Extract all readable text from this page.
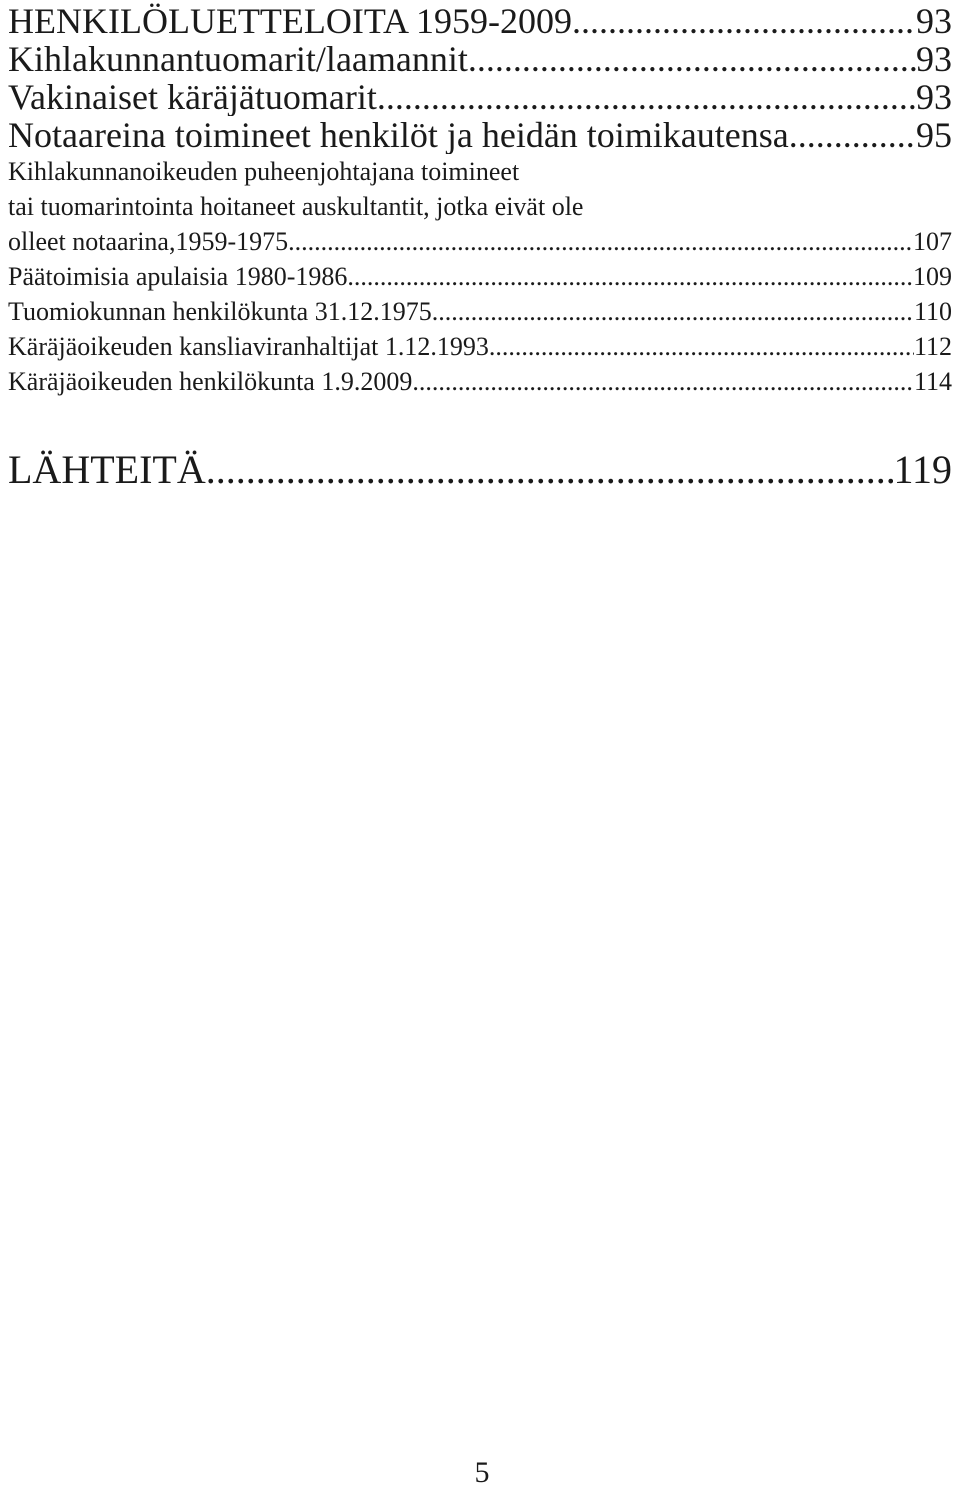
HENKILÖLUETTELOITA 1959-2009 .....	93
Kihlakunnantuomarit/laamannit .....	93
Vakinaiset käräjätuomarit .....	93
Notaareina toimineet henkilöt ja heidän toimikautensa .....	95
Kihlakunnanoikeuden puheenjohtajana toimineet
tai tuomarintointa hoitaneet auskultantit, jotka eivät ole
olleet notaarina,1959-1975 .....	107
Päätoimisia apulaisia 1980-1986 .....	109
Tuomiokunnan henkilökunta 31.12.1975 .....	110
Käräjäoikeuden kansliaviranhaltijat 1.12.1993 .....	112
Käräjäoikeuden henkilökunta 1.9.2009 .....	114
LÄHTEITÄ .....	119
5
